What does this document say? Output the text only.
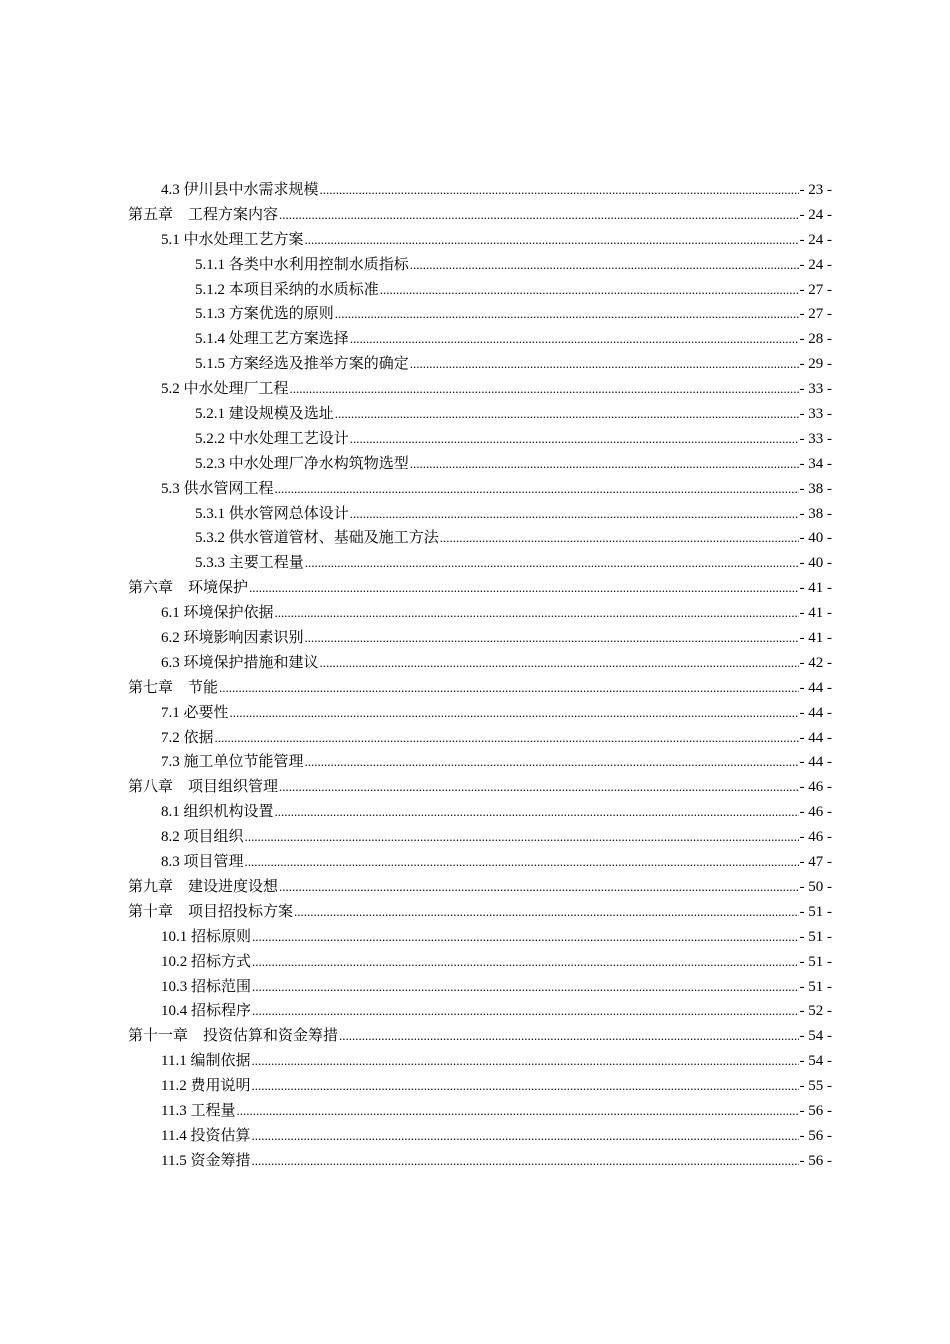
4.3 伊川县中水需求规模 .....	- 23 -
第五章　工程方案内容 .....	- 24 -
5.1 中水处理工艺方案 .....	- 24 -
5.1.1 各类中水利用控制水质指标 .....	- 24 -
5.1.2 本项目采纳的水质标准 .....	- 27 -
5.1.3 方案优选的原则 .....	- 27 -
5.1.4 处理工艺方案选择 .....	- 28 -
5.1.5 方案经选及推举方案的确定 .....	- 29 -
5.2 中水处理厂工程 .....	- 33 -
5.2.1 建设规模及选址 .....	- 33 -
5.2.2 中水处理工艺设计 .....	- 33 -
5.2.3 中水处理厂净水构筑物选型 .....	- 34 -
5.3 供水管网工程 .....	- 38 -
5.3.1 供水管网总体设计 .....	- 38 -
5.3.2 供水管道管材、基础及施工方法 .....	- 40 -
5.3.3 主要工程量 .....	- 40 -
第六章　环境保护 .....	- 41 -
6.1 环境保护依据 .....	- 41 -
6.2 环境影响因素识别 .....	- 41 -
6.3 环境保护措施和建议 .....	- 42 -
第七章　节能 .....	- 44 -
7.1 必要性 .....	- 44 -
7.2 依据 .....	- 44 -
7.3 施工单位节能管理 .....	- 44 -
第八章　项目组织管理 .....	- 46 -
8.1 组织机构设置 .....	- 46 -
8.2 项目组织 .....	- 46 -
8.3 项目管理 .....	- 47 -
第九章　建设进度设想 .....	- 50 -
第十章　项目招投标方案 .....	- 51 -
10.1 招标原则 .....	- 51 -
10.2 招标方式 .....	- 51 -
10.3 招标范围 .....	- 51 -
10.4 招标程序 .....	- 52 -
第十一章　投资估算和资金筹措 .....	- 54 -
11.1 编制依据 .....	- 54 -
11.2 费用说明 .....	- 55 -
11.3 工程量 .....	- 56 -
11.4 投资估算 .....	- 56 -
11.5 资金筹措 .....	- 56 -
